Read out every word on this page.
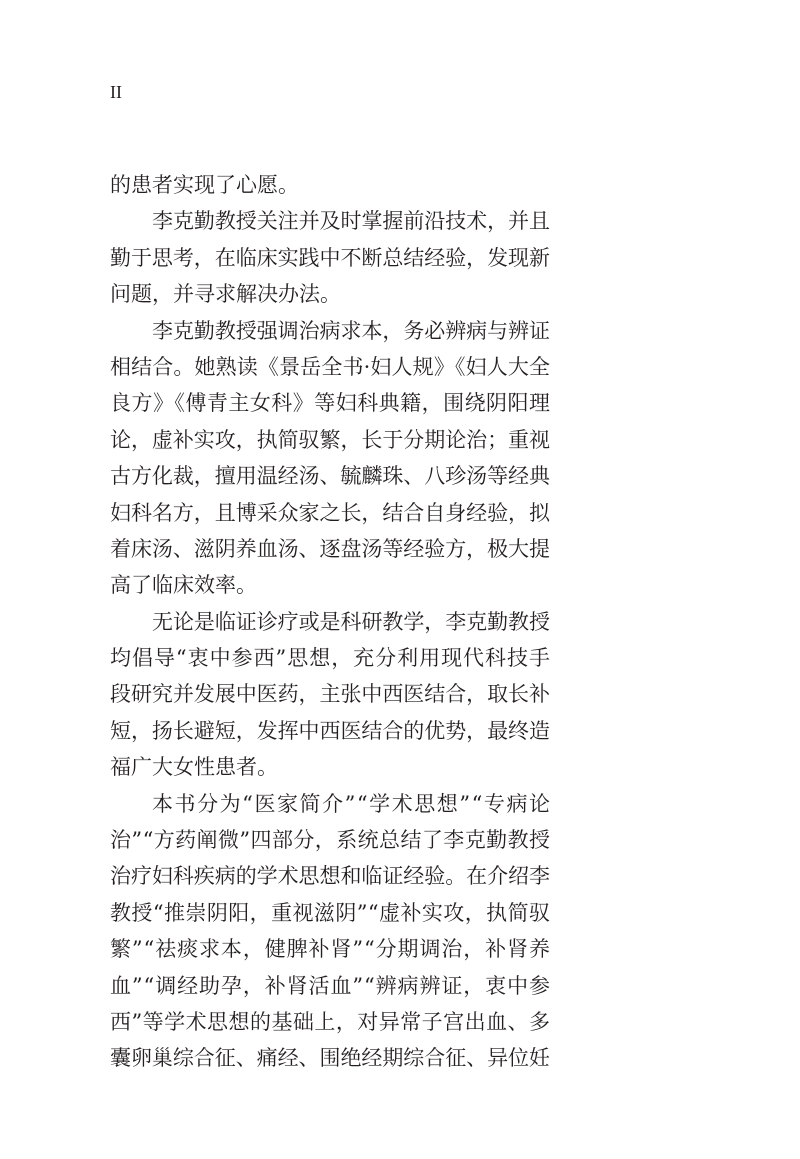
II
的患者实现了心愿。
李克勤教授关注并及时掌握前沿技术，并且
勤于思考，在临床实践中不断总结经验，发现新
问题，并寻求解决办法。
李克勤教授强调治病求本，务必辨病与辨证
相结合。她熟读《景岳全书·妇人规》《妇人大全
良方》《傅青主女科》等妇科典籍，围绕阴阳理
论，虚补实攻，执简驭繁，长于分期论治；重视
古方化裁，擅用温经汤、毓麟珠、八珍汤等经典
妇科名方，且博采众家之长，结合自身经验，拟
着床汤、滋阴养血汤、逐盘汤等经验方，极大提
高了临床效率。
无论是临证诊疗或是科研教学，李克勤教授
均倡导“衷中参西”思想，充分利用现代科技手
段研究并发展中医药，主张中西医结合，取长补
短，扬长避短，发挥中西医结合的优势，最终造
福广大女性患者。
本书分为“医家简介”“学术思想”“专病论
治”“方药阐微”四部分，系统总结了李克勤教授
治疗妇科疾病的学术思想和临证经验。在介绍李
教授“推崇阴阳，重视滋阴”“虚补实攻，执简驭
繁”“祛痰求本，健脾补肾”“分期调治，补肾养
血”“调经助孕，补肾活血”“辨病辨证，衷中参
西”等学术思想的基础上，对异常子宫出血、多
囊卵巢综合征、痛经、围绝经期综合征、异位妊
